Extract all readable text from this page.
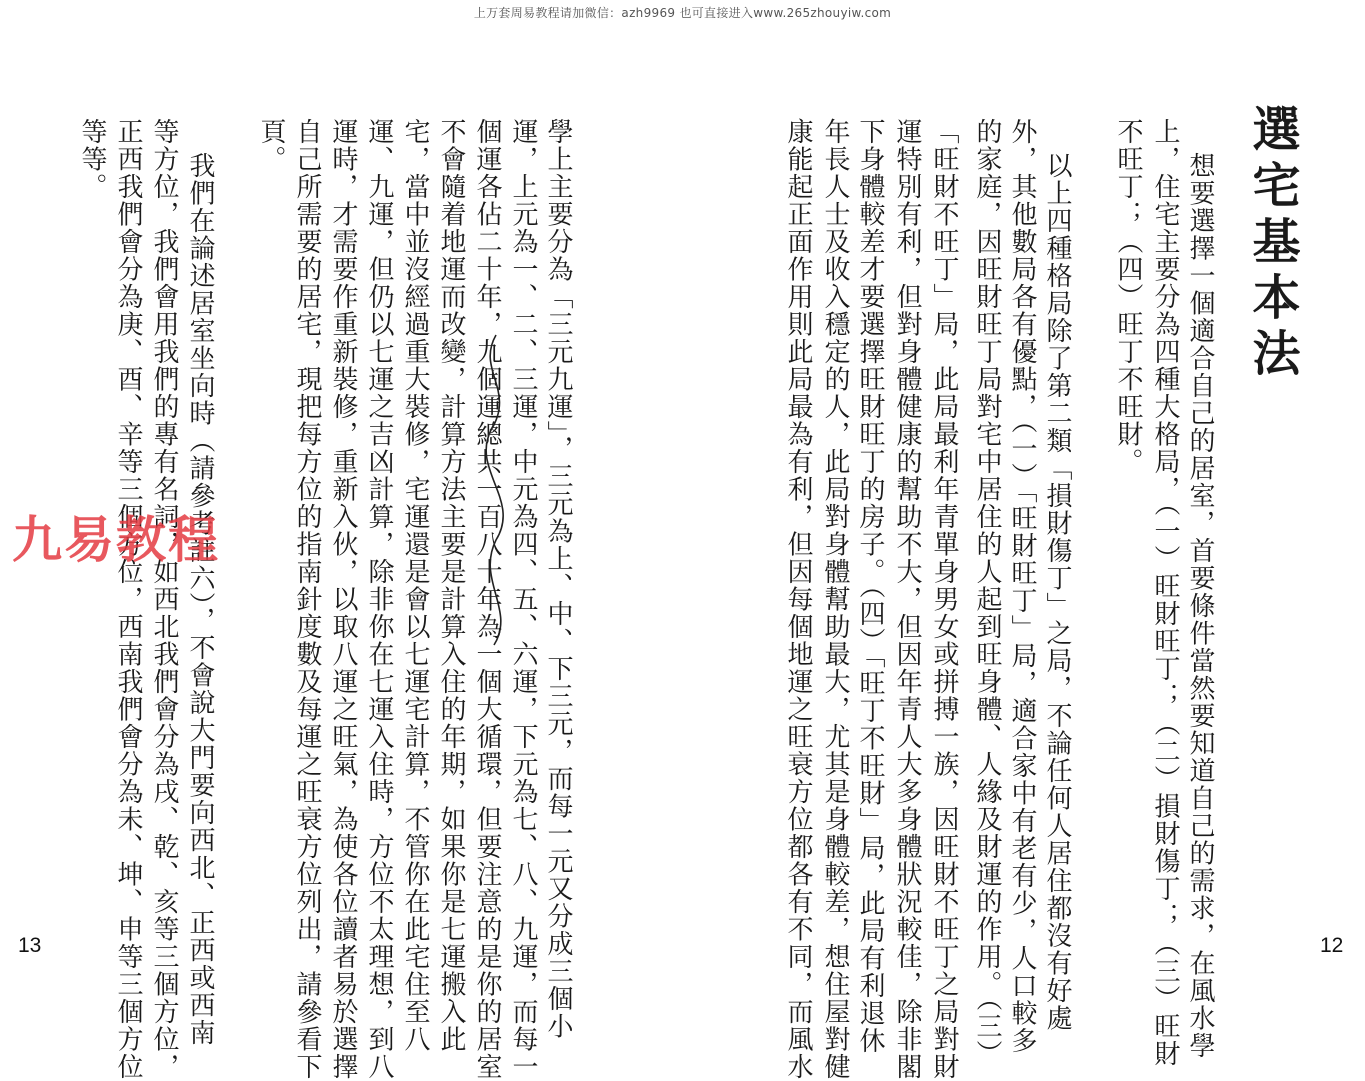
上万套周易教程请加微信：azh9969 也可直接进入www.265zhouyiw.com
選宅基本法
想要選擇一個適合自己的居室，首要條件當然要知道自己的需求，在風水學
上，住宅主要分為四種大格局，（一）旺財旺丁；（二）損財傷丁；（三）旺財
不旺丁；（四）旺丁不旺財。
以上四種格局除了第二類「損財傷丁」之局，不論任何人居住都沒有好處
外，其他數局各有優點，（一）「旺財旺丁」局，適合家中有老有少，人口較多
的家庭，因旺財旺丁局對宅中居住的人起到旺身體、人緣及財運的作用。（三）
「旺財不旺丁」局，此局最利年青單身男女或拼搏一族，因旺財不旺丁之局對財
運特別有利，但對身體健康的幫助不大，但因年青人大多身體狀況較佳，除非閣
下身體較差才要選擇旺財旺丁的房子。（四）「旺丁不旺財」局，此局有利退休
年長人士及收入穩定的人，此局對身體幫助最大，尤其是身體較差，想住屋對健
康能起正面作用則此局最為有利，但因每個地運之旺衰方位都各有不同，而風水	12
學上主要分為「三元九運」，三元為上、中、下三元，而每一元又分成三個小
運，上元為一、二、三運，中元為四、五、六運，下元為七、八、九運，而每一
個運各佔二十年，九個運總共一百八十年為一個大循環，但要注意的是你的居室
不會隨着地運而改變，計算方法主要是計算入住的年期，如果你是七運搬入此
宅，當中並沒經過重大裝修，宅運還是會以七運宅計算，不管你在此宅住至八
運、九運，但仍以七運之吉凶計算，除非你在七運入住時，方位不太理想，到八
運時，才需要作重新裝修，重新入伙，以取八運之旺氣，為使各位讀者易於選擇
自己所需要的居宅，現把每方位的指南針度數及每運之旺衰方位列出，請參看下
頁。
我們在論述居室坐向時（請參考註六），不會說大門要向西北、正西或西南
等方位，我們會用我們的專有名詞，如西北我們會分為戌、乾、亥等三個方位，
正西我們會分為庚、酉、辛等三個方位，西南我們會分為未、坤、申等三個方位
等等。
13
九易教程
